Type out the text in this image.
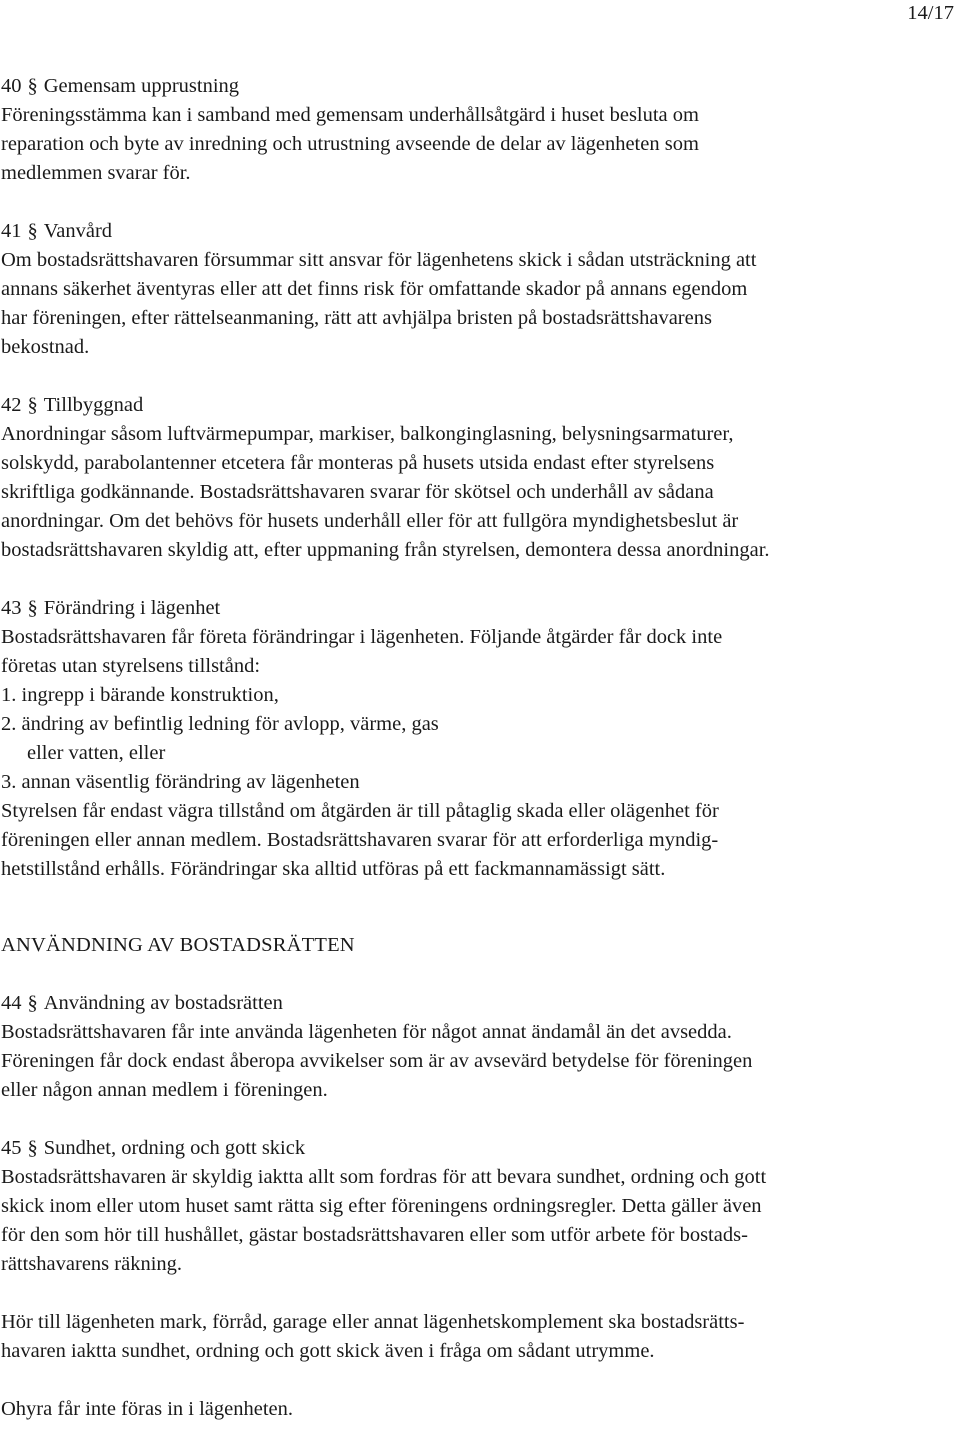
14/17
40 § Gemensam upprustning
Föreningsstämma kan i samband med gemensam underhållsåtgärd i huset besluta om
reparation och byte av inredning och utrustning avseende de delar av lägenheten som
medlemmen svarar för.
41 § Vanvård
Om bostadsrättshavaren försummar sitt ansvar för lägenhetens skick i sådan utsträckning att
annans säkerhet äventyras eller att det finns risk för omfattande skador på annans egendom
har föreningen, efter rättelseanmaning, rätt att avhjälpa bristen på bostadsrättshavarens
bekostnad.
42 § Tillbyggnad
Anordningar såsom luftvärmepumpar, markiser, balkonginglasning, belysningsarmaturer,
solskydd, parabolantenner etcetera får monteras på husets utsida endast efter styrelsens
skriftliga godkännande. Bostadsrättshavaren svarar för skötsel och underhåll av sådana
anordningar. Om det behövs för husets underhåll eller för att fullgöra myndighetsbeslut är
bostadsrättshavaren skyldig att, efter uppmaning från styrelsen, demontera dessa anordningar.
43 § Förändring i lägenhet
Bostadsrättshavaren får företa förändringar i lägenheten. Följande åtgärder får dock inte
företas utan styrelsens tillstånd:
1. ingrepp i bärande konstruktion,
2. ändring av befintlig ledning för avlopp, värme, gas
eller vatten, eller
3. annan väsentlig förändring av lägenheten
Styrelsen får endast vägra tillstånd om åtgärden är till påtaglig skada eller olägenhet för
föreningen eller annan medlem. Bostadsrättshavaren svarar för att erforderliga myndig-
hetstillstånd erhålls. Förändringar ska alltid utföras på ett fackmannamässigt sätt.
ANVÄNDNING AV BOSTADSRÄTTEN
44 § Användning av bostadsrätten
Bostadsrättshavaren får inte använda lägenheten för något annat ändamål än det avsedda.
Föreningen får dock endast åberopa avvikelser som är av avsevärd betydelse för föreningen
eller någon annan medlem i föreningen.
45 § Sundhet, ordning och gott skick
Bostadsrättshavaren är skyldig iaktta allt som fordras för att bevara sundhet, ordning och gott
skick inom eller utom huset samt rätta sig efter föreningens ordningsregler. Detta gäller även
för den som hör till hushållet, gästar bostadsrättshavaren eller som utför arbete för bostads-
rättshavarens räkning.
Hör till lägenheten mark, förråd, garage eller annat lägenhetskomplement ska bostadsrätts-
havaren iaktta sundhet, ordning och gott skick även i fråga om sådant utrymme.
Ohyra får inte föras in i lägenheten.
